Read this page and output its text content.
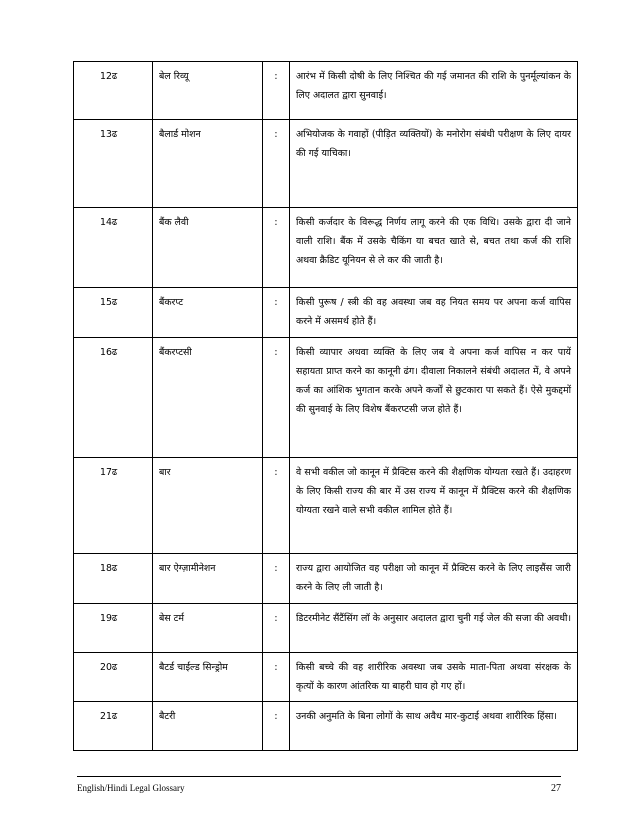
12ढ	बेल रिव्यू	:	आरंभ में किसी दोषी के लिए निश्चित की गई जमानत की राशि के पुनर्मूल्यांकन के लिए अदालत द्वारा सुनवाई।
13ढ	बैलार्ड मोशन	:	अभियोजक के गवाहों (पीड़ित व्यक्तियों) के मनोरोग संबंधी परीक्षण के लिए दायर की गई याचिका।
14ढ	बैंक लैवी	:	किसी कर्जदार के विरूद्ध निर्णय लागू करने की एक विधि। उसके द्वारा दी जाने वाली राशि। बैंक में उसके चैकिंग या बचत खाते से, बचत तथा कर्ज की राशि अथवा क्रैडिट यूनियन से ले कर की जाती है।
15ढ	बैंकरप्ट	:	किसी पुरूष / स्त्री की वह अवस्था जब वह नियत समय पर अपना कर्ज वापिस करने में असमर्थ होते हैं।
16ढ	बैंकरप्टसी	:	किसी व्यापार अथवा व्यक्ति के लिए जब वे अपना कर्ज वापिस न कर पायें सहायता प्राप्त करने का कानूनी ढंग। दीवाला निकालने संबंधी अदालत में, वे अपने कर्ज का आंशिक भुगतान करके अपने कर्जों से छुटकारा पा सकते हैं। ऐसे मुकद्दमों की सुनवाई के लिए विशेष बैंकरप्टसी जज होते हैं।
17ढ	बार	:	वे सभी वकील जो कानून में प्रैक्टिस करने की शैक्षणिक योग्यता रखते हैं। उदाहरण के लिए किसी राज्य की बार में उस राज्य में कानून में प्रैक्टिस करने की शैक्षणिक योग्यता रखने वाले सभी वकील शामिल होते हैं।
18ढ	बार ऐग्ज़ामीनेशन	:	राज्य द्वारा आयोजित वह परीक्षा जो कानून में प्रैक्टिस करने के लिए लाइसैंस जारी करने के लिए ली जाती है।
19ढ	बेस टर्म	:	डिटरमीनेट सैंटैंसिंग लॉ के अनुसार अदालत द्वारा चुनी गई जेल की सजा की अवधी।
20ढ	बैटर्ड चाईल्ड सिन्ड्रोम	:	किसी बच्चे की वह शारीरिक अवस्था जब उसके माता-पिता अथवा संरक्षक के कृत्यों के कारण आंतरिक या बाहरी घाव हो गए हों।
21ढ	बैटरी	:	उनकी अनुमति के बिना लोगों के साथ अवैध मार-कुटाई अथवा शारीरिक हिंसा।
English/Hindi Legal Glossary	27
